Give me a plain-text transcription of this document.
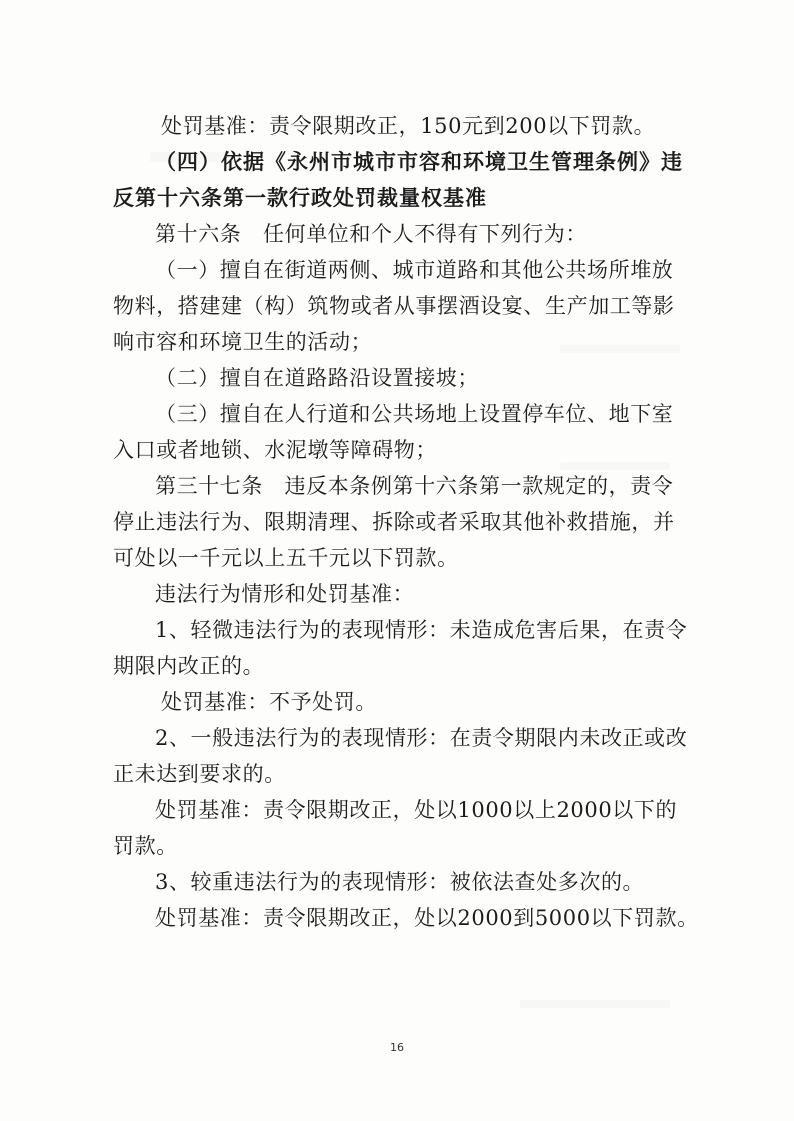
处罚基准：责令限期改正，150元到200以下罚款。
（四）依据《永州市城市市容和环境卫生管理条例》违
反第十六条第一款行政处罚裁量权基准
第十六条　任何单位和个人不得有下列行为：
（一）擅自在街道两侧、城市道路和其他公共场所堆放
物料，搭建建（构）筑物或者从事摆酒设宴、生产加工等影
响市容和环境卫生的活动；
（二）擅自在道路路沿设置接坡；
（三）擅自在人行道和公共场地上设置停车位、地下室
入口或者地锁、水泥墩等障碍物；
第三十七条　违反本条例第十六条第一款规定的，责令
停止违法行为、限期清理、拆除或者采取其他补救措施，并
可处以一千元以上五千元以下罚款。
违法行为情形和处罚基准：
1、轻微违法行为的表现情形：未造成危害后果，在责令
期限内改正的。
处罚基准：不予处罚。
2、一般违法行为的表现情形：在责令期限内未改正或改
正未达到要求的。
处罚基准：责令限期改正，处以1000以上2000以下的
罚款。
3、较重违法行为的表现情形：被依法查处多次的。
处罚基准：责令限期改正，处以2000到5000以下罚款。
16
